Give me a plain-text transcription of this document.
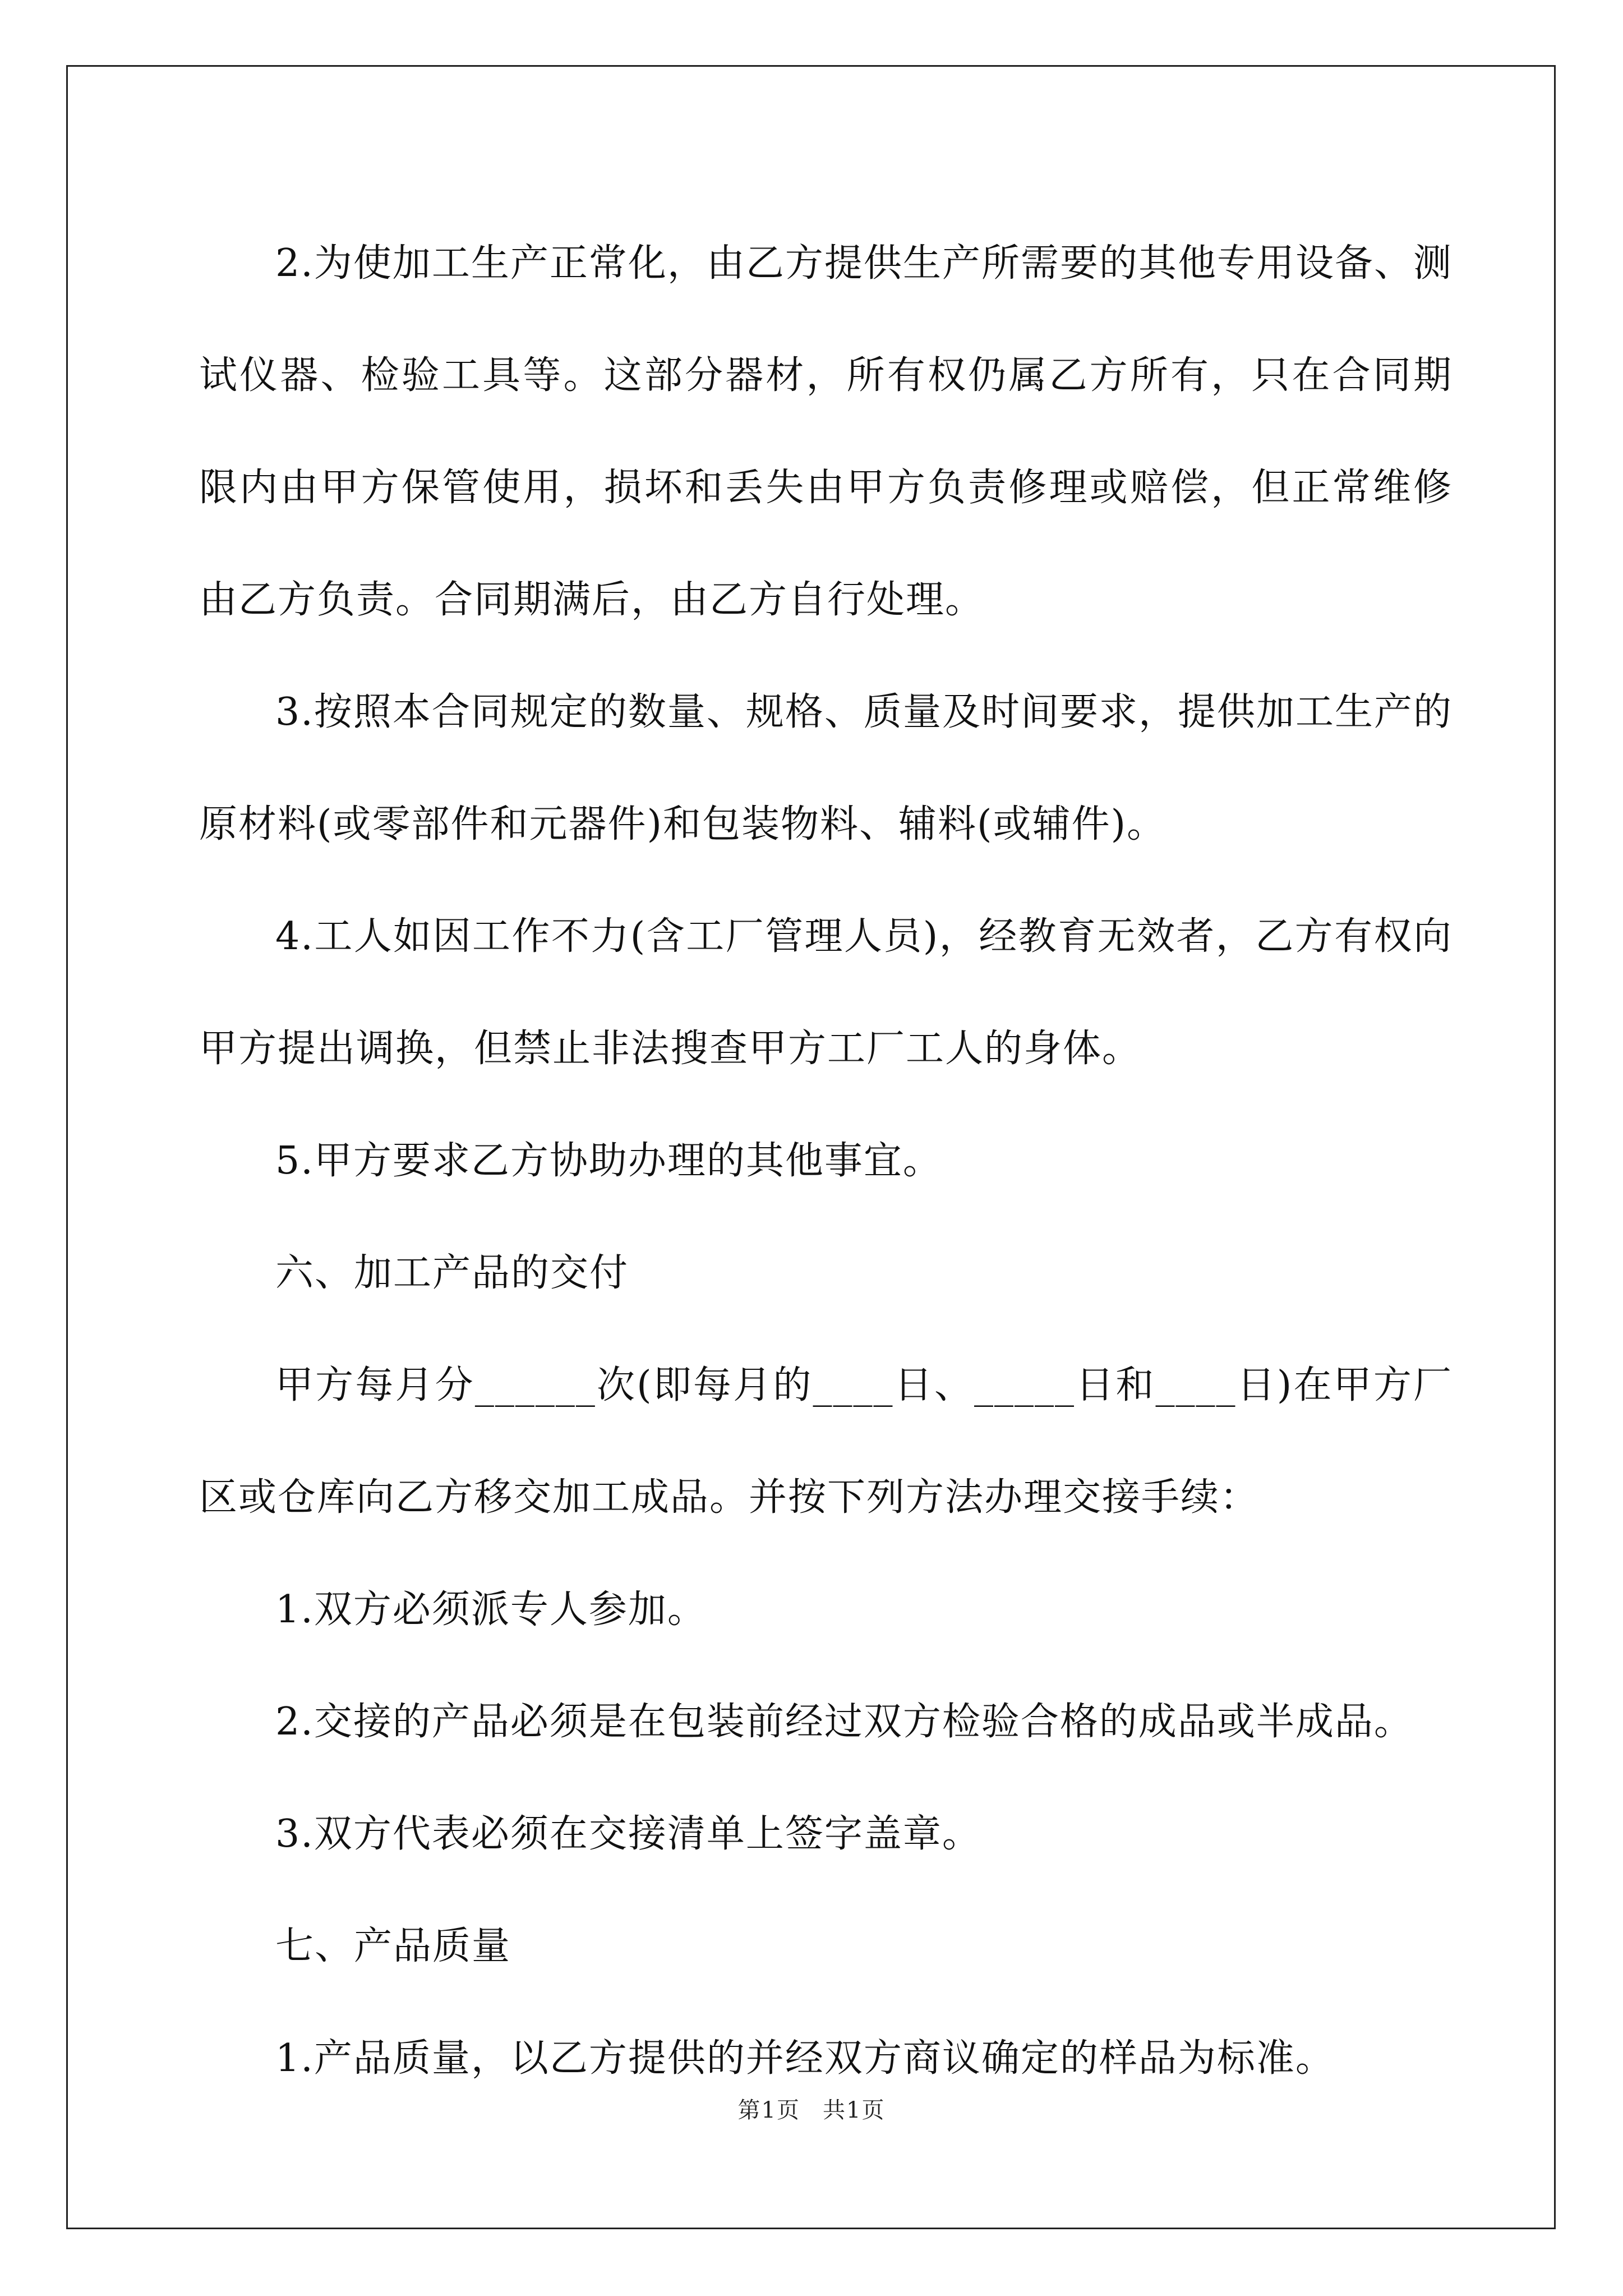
2.为使加工生产正常化，由乙方提供生产所需要的其他专用设备、测试仪器、检验工具等。这部分器材，所有权仍属乙方所有，只在合同期限内由甲方保管使用，损坏和丢失由甲方负责修理或赔偿，但正常维修由乙方负责。合同期满后，由乙方自行处理。

3.按照本合同规定的数量、规格、质量及时间要求，提供加工生产的原材料(或零部件和元器件)和包装物料、辅料(或辅件)。

4.工人如因工作不力(含工厂管理人员)，经教育无效者，乙方有权向甲方提出调换，但禁止非法搜查甲方工厂工人的身体。

5.甲方要求乙方协助办理的其他事宜。

六、加工产品的交付

甲方每月分______次(即每月的____日、_____日和____日)在甲方厂区或仓库向乙方移交加工成品。并按下列方法办理交接手续：

1.双方必须派专人参加。

2.交接的产品必须是在包装前经过双方检验合格的成品或半成品。

3.双方代表必须在交接清单上签字盖章。

七、产品质量

1.产品质量，以乙方提供的并经双方商议确定的样品为标准。

第1页 共1页
